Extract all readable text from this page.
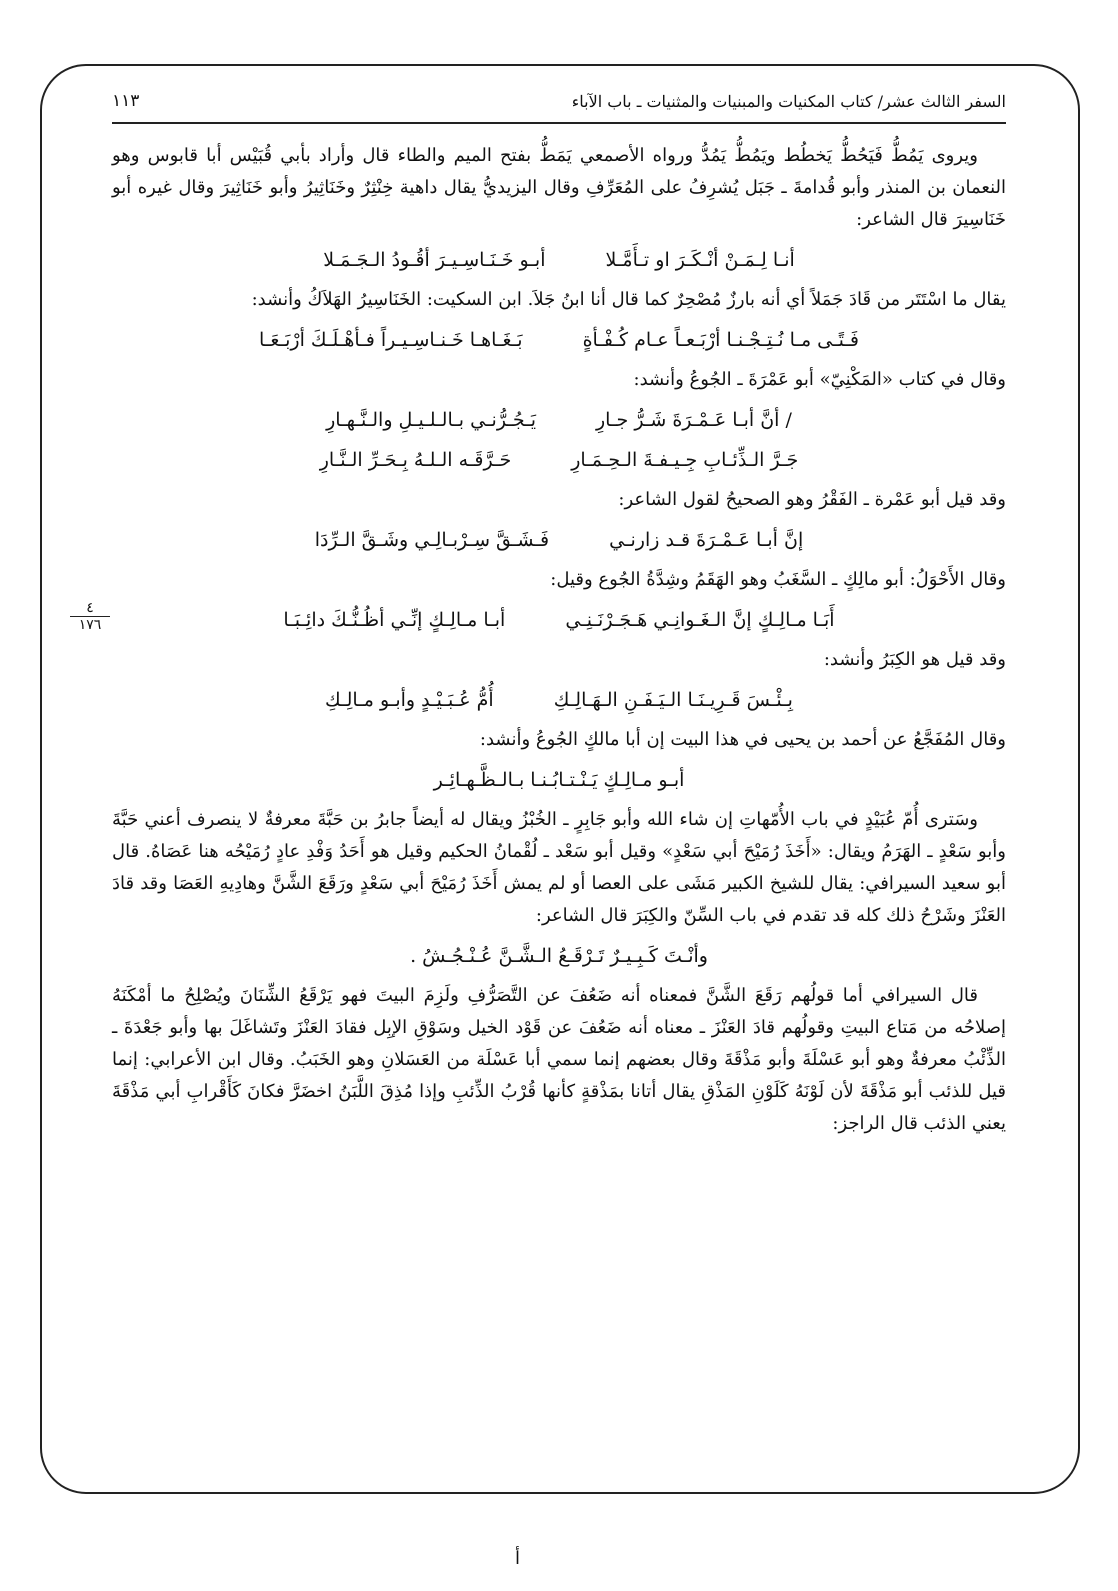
السفر الثالث عشر/ كتاب المكنيات والمبنيات والمثنيات ـ باب الآباء
١١٣
٤
١٧٦

ويروى يَمُطُّ فَيَحُطُّ يَخطُط ويَمُطُّ يَمُدُّ ورواه الأصمعي يَمَطُّ بفتح الميم والطاء قال وأراد بأبي قُبَيْس أبا قابوس وهو النعمان بن المنذر وأبو قُدامةَ ـ جَبَل يُشرِفُ على المُعَرِّفِ وقال اليزيديُّ يقال داهية خِنْثِرٌ وخَنَاثِيرُ وأبو خَنَاثِيرَ وقال غيره أبو خَنَاسِيرَ قال الشاعر:

أنـا لِـمَـنْ أنْـكَـرَ او تـأَمَّـلا
أبـو خَـنَـاسِـيـرَ أقُـودُ الـجَـمَـلا

يقال ما اسْتَتَر من قَادَ جَمَلاً أي أنه بارزٌ مُصْحِرٌ كما قال أنا ابنُ جَلاَ. ابن السكيت: الخَنَاسِيرُ الهَلاَكُ وأنشد:

فَـتًـى مـا نُـتِـجْـنـا أرْبَـعـاً عـام كُـفْـأةٍ
بَـغَـاهـا خَـنـاسِـيـراً فـأهْـلَـكَ أرْبَـعَـا

وقال في كتاب «المَكْنِيّ» أبو عَمْرَةَ ـ الجُوعُ وأنشد:

/ أنَّ أبـا عَـمْـرَةَ شَـرُّ جـارِ
يَـجُـرُّنـي بـالـلـيـلِ والـنَّـهـارِ
جَـرَّ الـذِّئـابِ جِـيـفـةَ الـحِـمَـارِ
حَـرَّقَـه الـلـهُ بِـحَـرِّ الـنَّـارِ

وقد قيل أبو عَمْرة ـ الفَقْرُ وهو الصحيحُ لقول الشاعر:

إنَّ أبـا عَـمْـرَةَ قـد زارنـي
فَـشَـقَّ سِـرْبـالِـي وشَـقَّ الـرِّدَا

وقال الأَحْوَلُ: أبو مالِكٍ ـ السَّغَبُ وهو الهَقَمُ وشِدَّةُ الجُوع وقيل:

أَبَـا مـالِـكٍ إنَّ الـغَـوانِـي هَـجَـرْنَـنِـي
أبـا مـالِـكٍ إنِّـي أظُـنُّـكَ دائِـبَـا

وقد قيل هو الكِبَرُ وأنشد:

بِـئْـسَ قَـرِيـنَـا الـيَـفَـنِ الـهَـالِـكِ
أُمُّ عُـبَـيْـدٍ وأبـو مـالِـكِ

وقال المُفَجَّعُ عن أحمد بن يحيى في هذا البيت إن أبا مالكٍ الجُوعُ وأنشد:

أبـو مـالِـكٍ يَـنْـتـابُـنـا بـالـظَّـهـائِـر

وسَترى أُمّ عُبَيْدٍ في باب الأُمّهاتِ إن شاء الله وأبو جَابِرٍ ـ الخُبْزُ ويقال له أيضاً جابرُ بن حَبَّةَ معرفةٌ لا ينصرف أعني حَبَّةَ وأبو سَعْدٍ ـ الهَرَمُ ويقال: «أَخَذَ رُمَيْحَ أبي سَعْدٍ» وقيل أبو سَعْد ـ لُقْمانُ الحكيم وقيل هو أَحَدُ وَفْدِ عادٍ رُمَيْحُه هنا عَصَاهُ. قال أبو سعيد السيرافي: يقال للشيخ الكبير مَشَى على العصا أو لم يمش أَخَذَ رُمَيْحَ أبي سَعْدٍ ورَقَعَ الشَّنَّ وهادِيهِ العَصَا وقد قادَ العَنْزَ وشَرْحُ ذلك كله قد تقدم في باب السِّنّ والكِبَرَ قال الشاعر:

وأنْـتَ كَـبِـيـرٌ تَـرْقَـعُ الـشَّـنَّ عُـنْـجُـشُ .

قال السيرافي أما قولُهم رَقَعَ الشَّنَّ فمعناه أنه ضَعُفَ عن التَّصَرُّفِ ولَزِمَ البيتَ فهو يَرْقَعُ الشِّنَانَ ويُصْلِحُ ما أمْكَنَهُ إصلاحُه من مَتاع البيتِ وقولُهم قادَ العَنْزَ ـ معناه أنه ضَعُفَ عن قَوْد الخيل وسَوْقِ الإبِل فقادَ العَنْزَ وتَشاغَلَ بها وأبو جَعْدَةَ ـ الذِّئْبُ معرفةٌ وهو أبو عَسْلَةَ وأبو مَذْقَةَ وقال بعضهم إنما سمي أبا عَسْلَة من العَسَلانِ وهو الخَبَبُ. وقال ابن الأعرابي: إنما قيل للذئب أبو مَذْقَةَ لأن لَوْنَهُ كَلَوْنِ المَذْقِ يقال أتانا بمَذْقةٍ كأنها قُرْبُ الذِّئبِ وإذا مُذِقَ اللَّبَنُ اخضَرَّ فكانَ كَأَقْرابِ أبي مَذْقَةَ يعني الذئب قال الراجز:

أ
